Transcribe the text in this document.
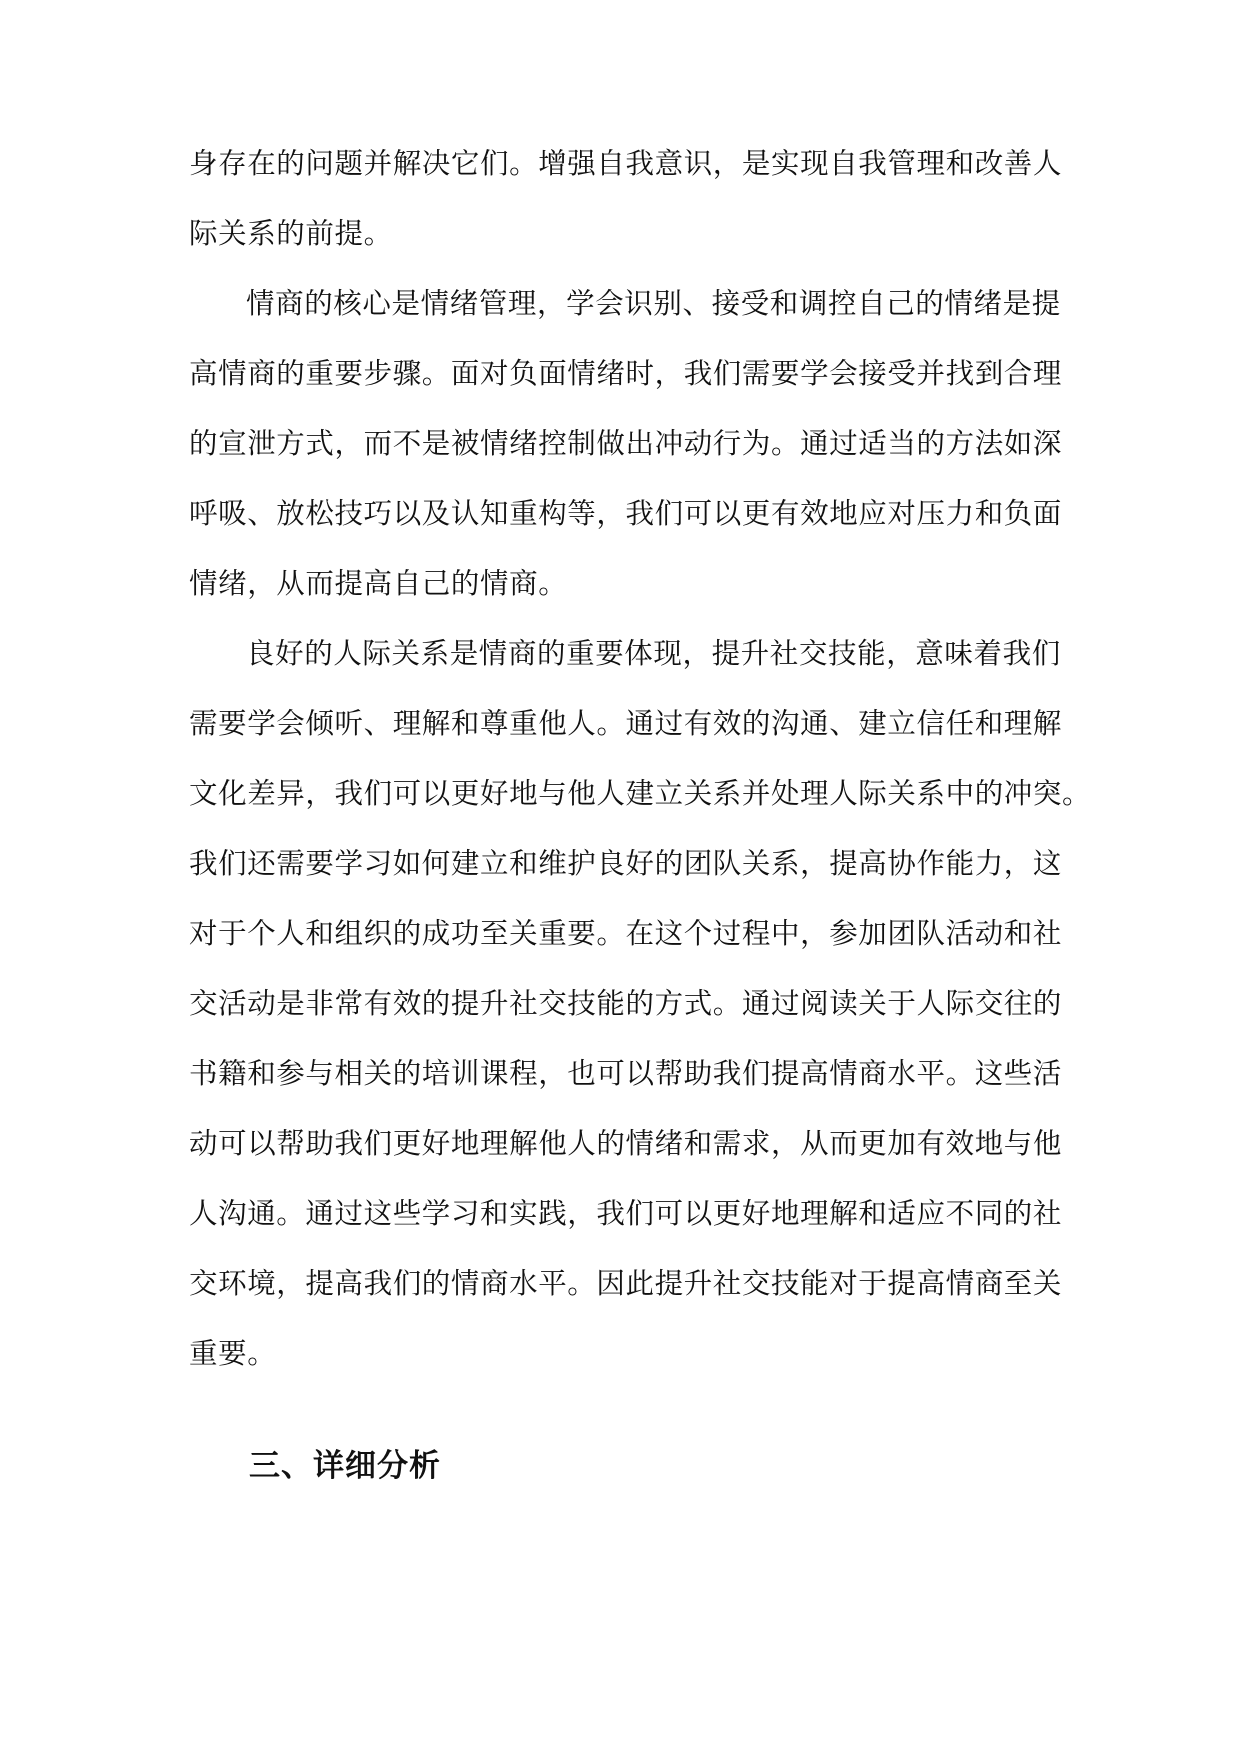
身存在的问题并解决它们。增强自我意识，是实现自我管理和改善人
际关系的前提。
情商的核心是情绪管理，学会识别、接受和调控自己的情绪是提
高情商的重要步骤。面对负面情绪时，我们需要学会接受并找到合理
的宣泄方式，而不是被情绪控制做出冲动行为。通过适当的方法如深
呼吸、放松技巧以及认知重构等，我们可以更有效地应对压力和负面
情绪，从而提高自己的情商。
良好的人际关系是情商的重要体现，提升社交技能，意味着我们
需要学会倾听、理解和尊重他人。通过有效的沟通、建立信任和理解
文化差异，我们可以更好地与他人建立关系并处理人际关系中的冲突。
我们还需要学习如何建立和维护良好的团队关系，提高协作能力，这
对于个人和组织的成功至关重要。在这个过程中，参加团队活动和社
交活动是非常有效的提升社交技能的方式。通过阅读关于人际交往的
书籍和参与相关的培训课程，也可以帮助我们提高情商水平。这些活
动可以帮助我们更好地理解他人的情绪和需求，从而更加有效地与他
人沟通。通过这些学习和实践，我们可以更好地理解和适应不同的社
交环境，提高我们的情商水平。因此提升社交技能对于提高情商至关
重要。
三、详细分析
